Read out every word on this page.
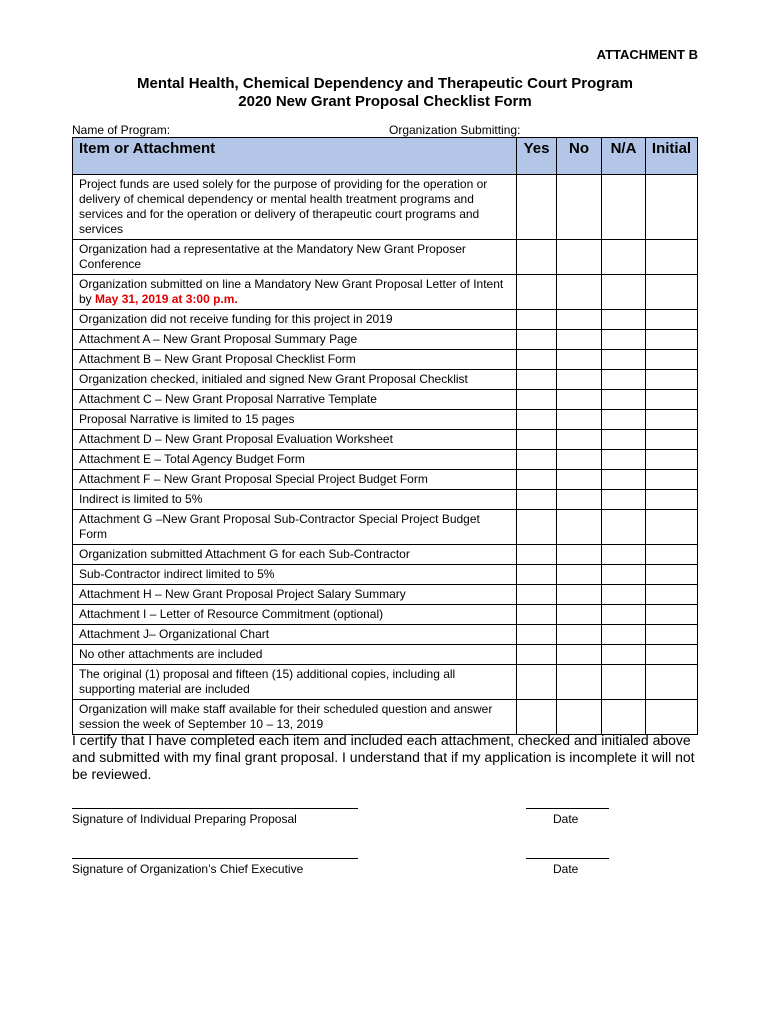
ATTACHMENT B
Mental Health, Chemical Dependency and Therapeutic Court Program
2020 New Grant Proposal Checklist Form
Name of Program:	Organization Submitting:
Item or Attachment	Yes	No	N/A	Initial
Project funds are used solely for the purpose of providing for the operation or delivery of chemical dependency or mental health treatment programs and services and for the operation or delivery of therapeutic court programs and services				
Organization had a representative at the Mandatory New Grant Proposer Conference				
Organization submitted on line a Mandatory New Grant Proposal Letter of Intent by May 31, 2019 at 3:00 p.m.				
Organization did not receive funding for this project in 2019				
Attachment A – New Grant Proposal Summary Page				
Attachment B – New Grant Proposal Checklist Form				
Organization checked, initialed and signed New Grant Proposal Checklist				
Attachment C – New Grant Proposal Narrative Template				
Proposal Narrative is limited to 15 pages				
Attachment D – New Grant Proposal Evaluation Worksheet				
Attachment E – Total Agency Budget Form				
Attachment F – New Grant Proposal Special Project Budget Form				
Indirect is limited to 5%				
Attachment G –New Grant Proposal Sub-Contractor Special Project Budget Form				
Organization submitted Attachment G for each Sub-Contractor				
Sub-Contractor indirect limited to 5%				
Attachment H – New Grant Proposal Project Salary Summary				
Attachment I – Letter of Resource Commitment (optional)				
Attachment J– Organizational Chart				
No other attachments are included				
The original (1) proposal and fifteen (15) additional copies, including all supporting material are included				
Organization will make staff available for their scheduled question and answer session the week of September 10 – 13, 2019				
I certify that I have completed each item and included each attachment, checked and initialed above and submitted with my final grant proposal. I understand that if my application is incomplete it will not be reviewed.
Signature of Individual Preparing Proposal	Date
Signature of Organization’s Chief Executive	Date
